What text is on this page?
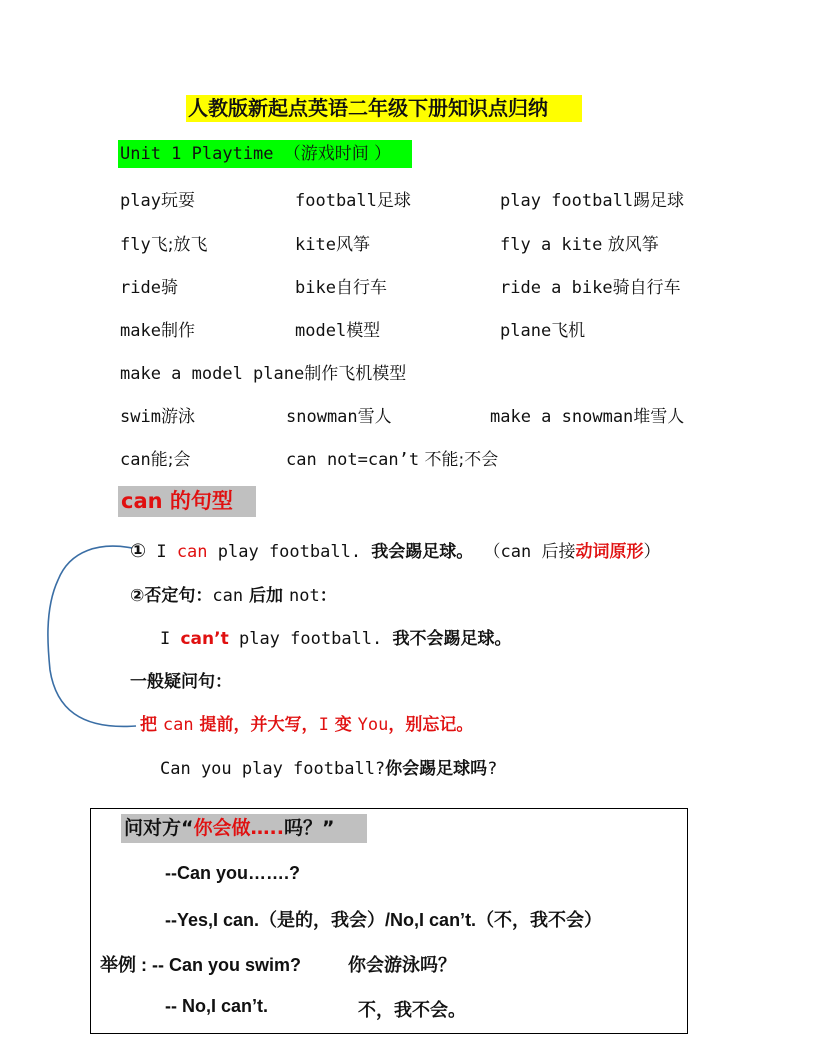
人教版新起点英语二年级下册知识点归纳
Unit 1 Playtime （游戏时间 ）
play玩耍	football足球	play football踢足球
fly飞;放飞	kite风筝	fly a kite 放风筝
ride骑	bike自行车	ride a bike骑自行车
make制作	model模型	plane飞机
make a model plane制作飞机模型
swim游泳	snowman雪人	make a snowman堆雪人
can能;会	can not=can’t 不能;不会
can 的句型
① I can play football. 我会踢足球。 （can 后接动词原形）
②否定句：can 后加 not：
I can’t play football. 我不会踢足球。
一般疑问句：
把 can 提前，并大写，I 变 You，别忘记。
Can you play football?你会踢足球吗?
问对方“你会做…..吗？”
--Can you…….?
--Yes,I can.（是的，我会）/No,I can’t.（不，我不会）
举例 : -- Can you swim?	你会游泳吗？
-- No,I can’t.	不，我不会。
